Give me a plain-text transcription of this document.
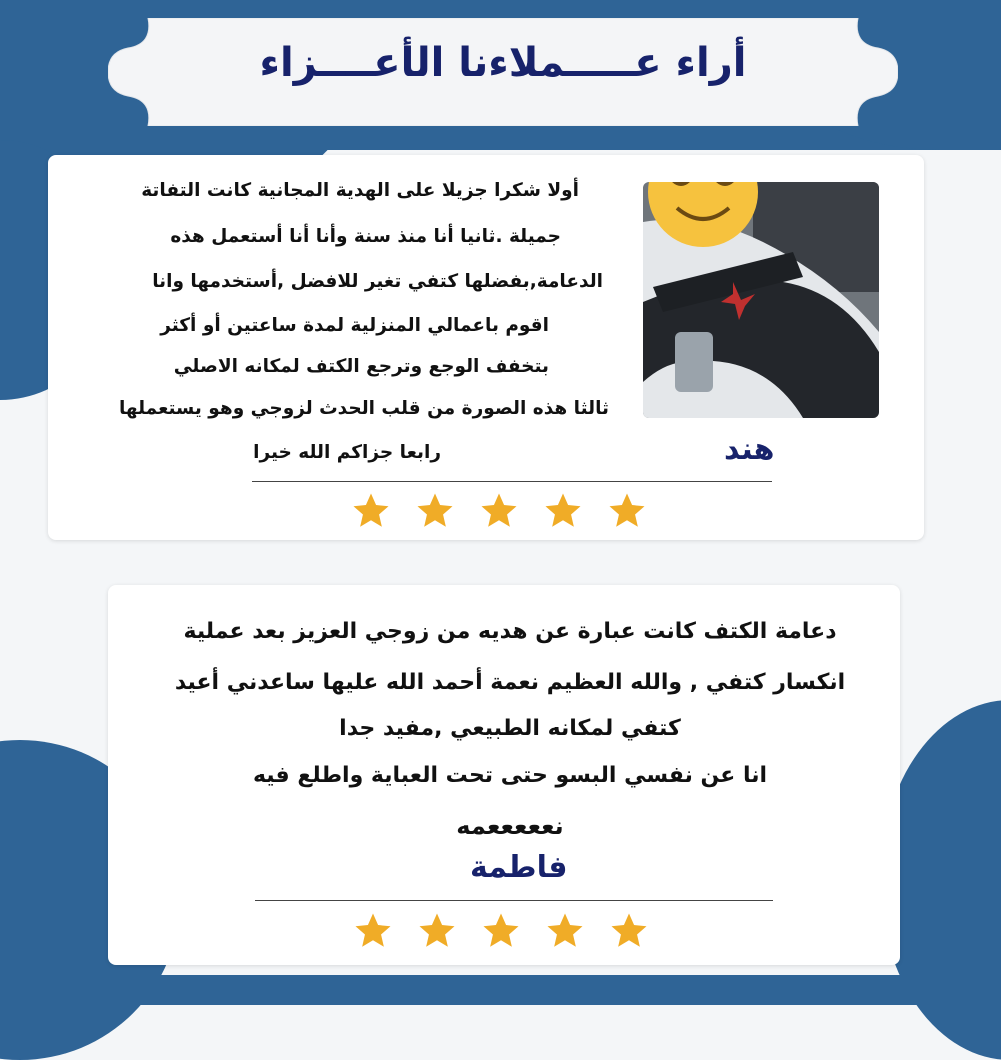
أراء عـــــملاءنا الأعــــزاء
أولا شكرا جزيلا على الهدية المجانية كانت التفاتة
جميلة .ثانيا أنا منذ سنة وأنا أنا أستعمل هذه
الدعامة,بفضلها كتفي تغير للافضل ,أستخدمها وانا
اقوم باعمالي المنزلية لمدة ساعتين أو أكثر
بتخفف الوجع وترجع الكتف لمكانه الاصلي
ثالثا هذه الصورة من قلب الحدث لزوجي وهو يستعملها
رابعا جزاكم الله خيرا	هند
دعامة الكتف كانت عبارة عن هديه من زوجي العزيز بعد عملية
انكسار كتفي , والله العظيم نعمة أحمد الله عليها ساعدني أعيد
كتفي لمكانه الطبيعي ,مفيد جدا
انا عن نفسي البسو حتى تحت العباية واطلع فيه
نعععععمه
فاطمة
